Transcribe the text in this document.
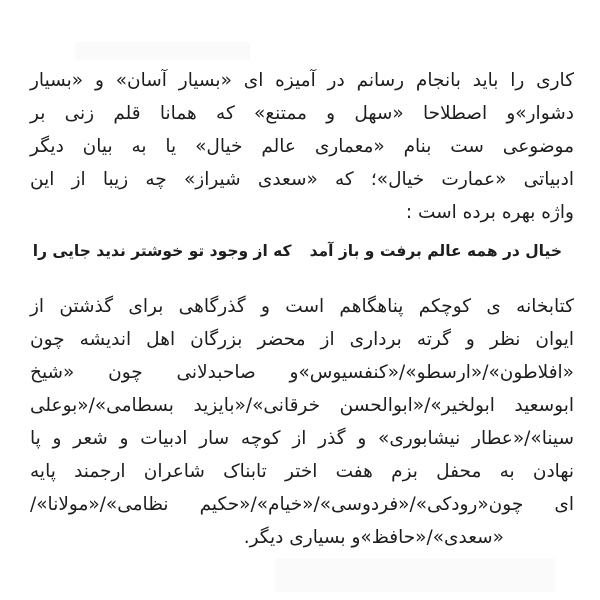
کاری را باید بانجام رسانم در آمیزه ای «بسیار آسان» و «بسیار
دشوار»و اصطلاحا «سهل و ممتنع» که همانا قلم زنی بر
موضوعی ست بنام «معماری عالم خیال» یا به بیان دیگر
ادبیاتی «عمارت خیال»؛ که «سعدی شیراز» چه زیبا از این
واژه بهره برده است :
خیال در همه عالم برفت و باز آمدکه از وجود تو خوشتر ندید جایی را
کتابخانه ی کوچکم پناهگاهم است و گذرگاهی برای گذشتن از
ایوان نظر و گرته برداری از محضر بزرگان اهل اندیشه چون
«افلاطون»/«ارسطو»/«کنفسیوس»و صاحبدلانی چون «شیخ
ابوسعید ابولخیر»/«ابوالحسن خرقانی»/«بایزید بسطامی»/«بوعلی
سینا»/«عطار نیشابوری» و گذر از کوچه سار ادبیات و شعر و پا
نهادن به محفل بزم هفت اختر تابناک شاعران ارجمند پایه
ای چون«رودکی»/«فردوسی»/«خیام»/«حکیم نظامی»/«مولانا»/
«سعدی»/«حافظ»و بسیاری دیگر.
